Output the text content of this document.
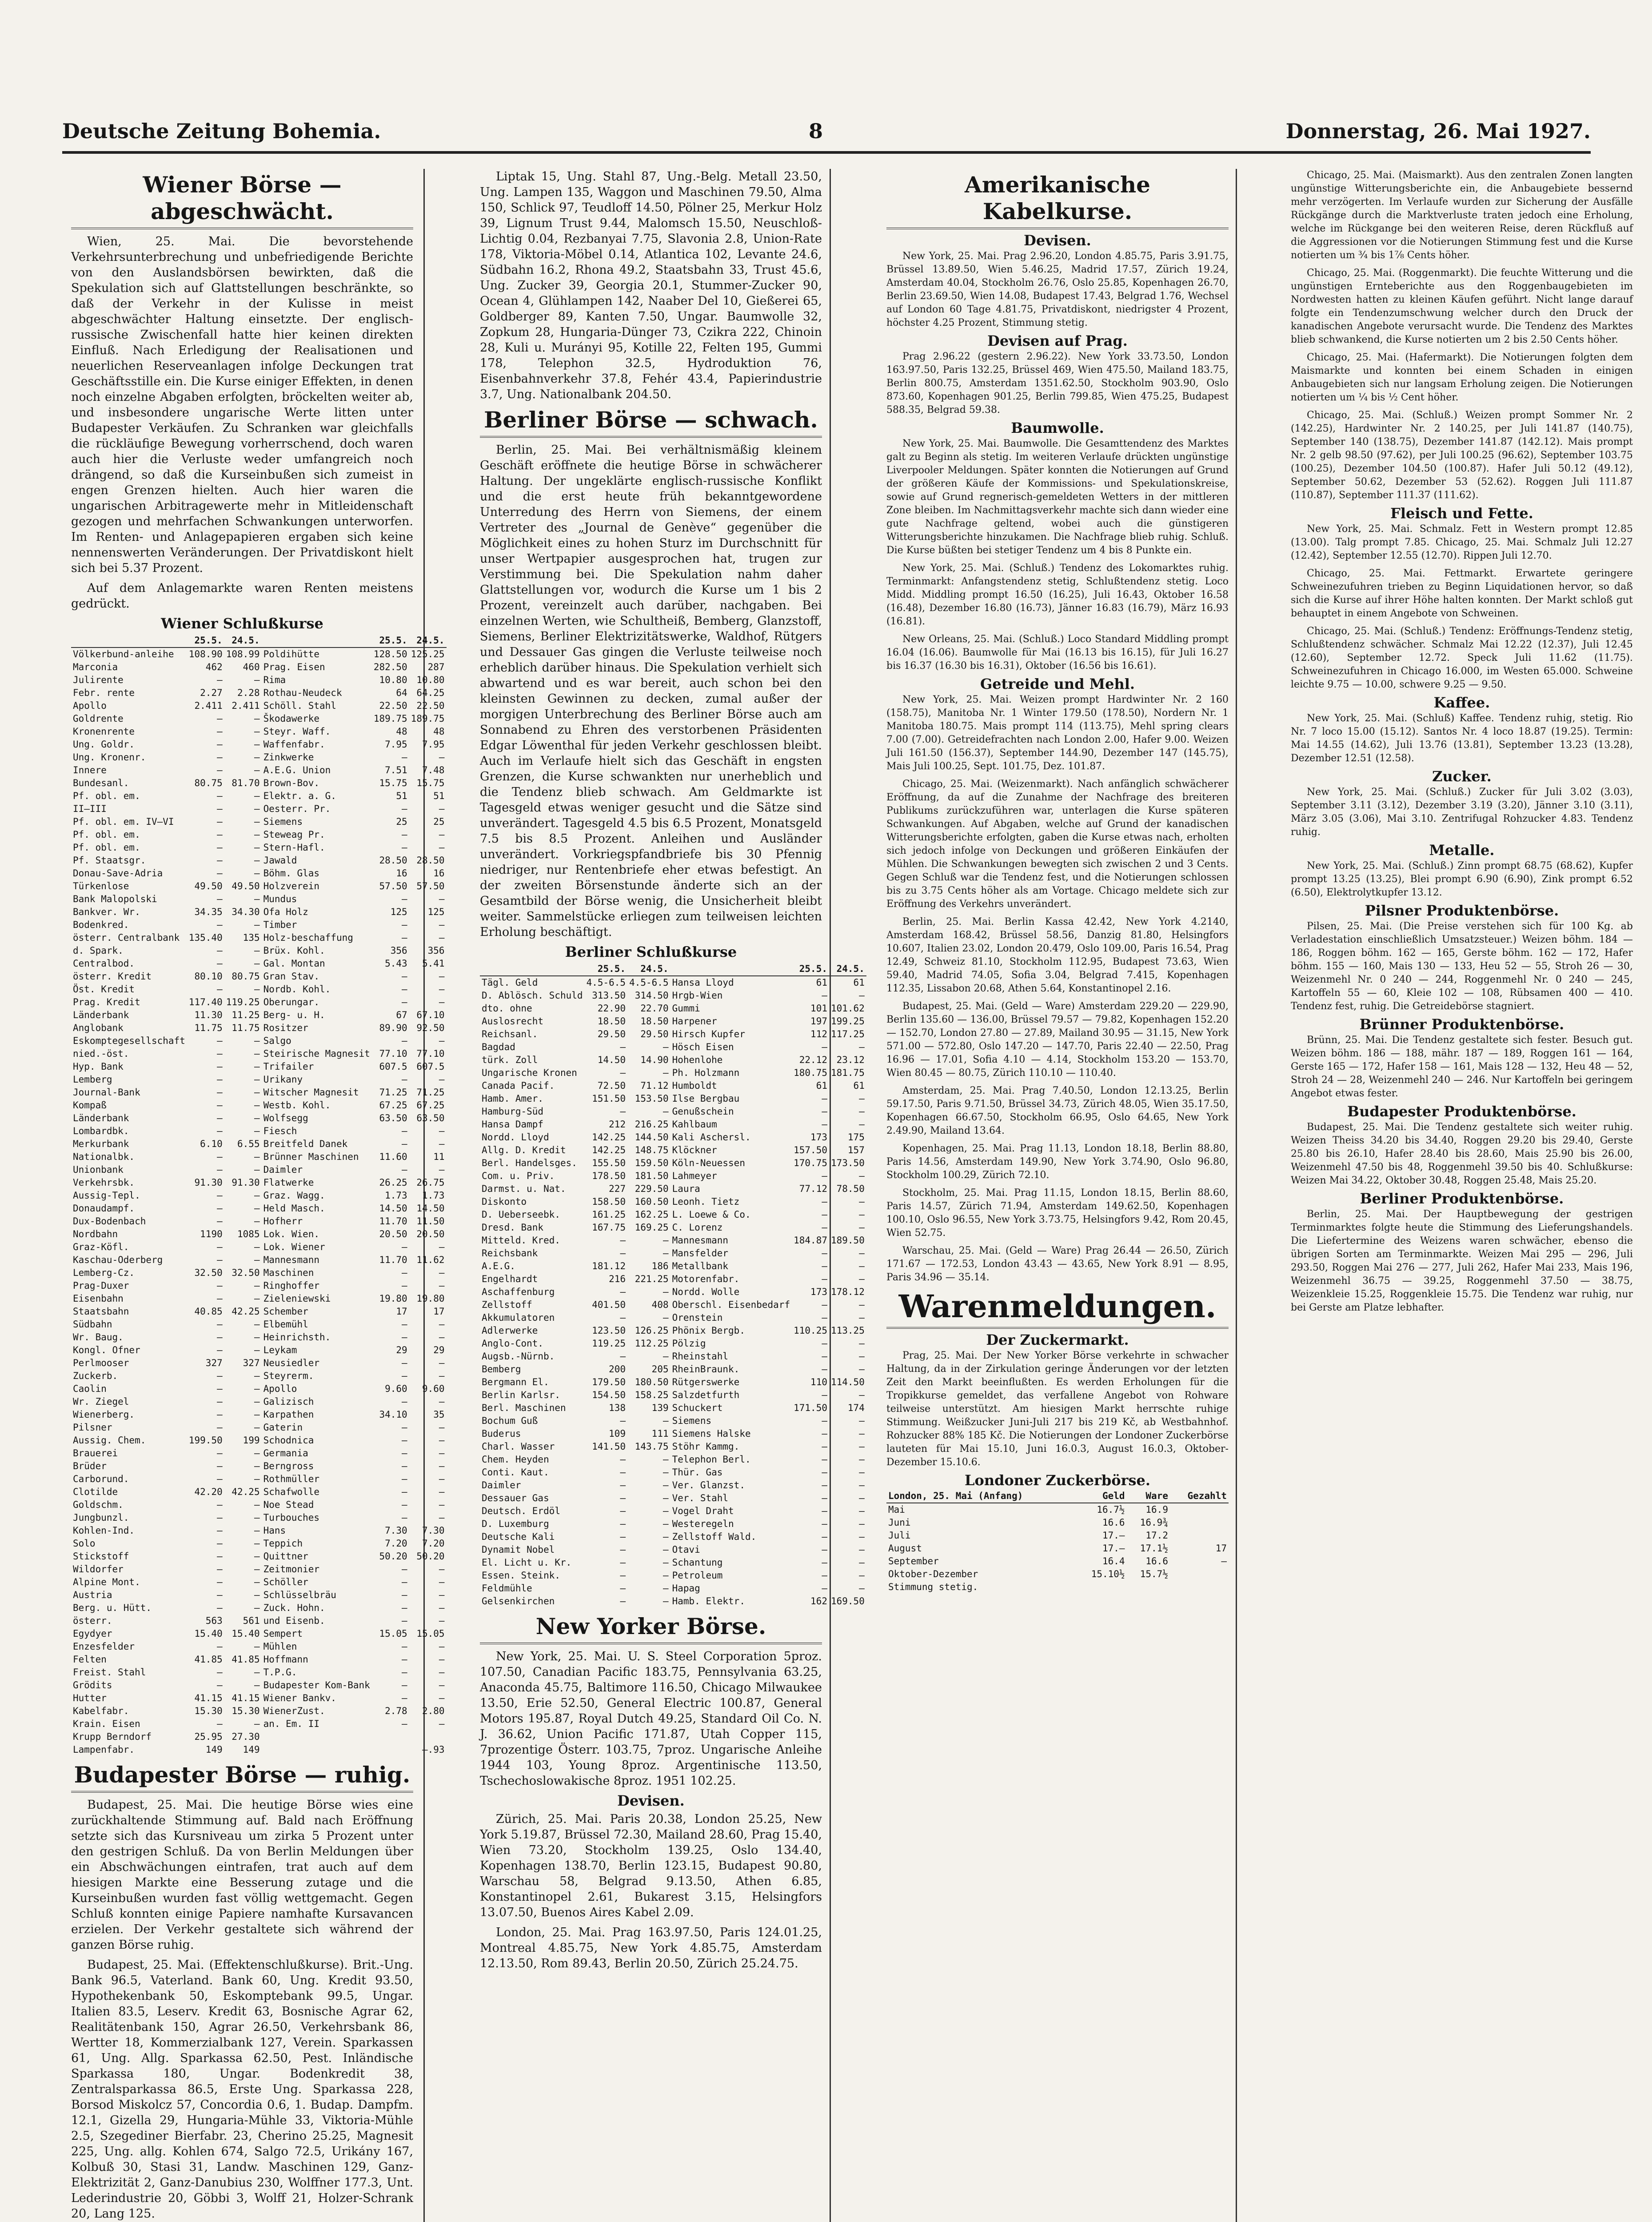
Deutsche Zeitung Bohemia.	8	Donnerstag, 26. Mai 1927.
Wiener Börse — abgeschwächt.

Wien, 25. Mai. Die bevorstehende Verkehrsunterbrechung und unbefriedigende Berichte von den Auslandsbörsen bewirkten, daß die Spekulation sich auf Glattstellungen beschränkte, so daß der Verkehr in der Kulisse in meist abgeschwächter Haltung einsetzte. Der englisch-russische Zwischenfall hatte hier keinen direkten Einfluß. Nach Erledigung der Realisationen und neuerlichen Reserveanlagen infolge Deckungen trat Geschäftsstille ein. Die Kurse einiger Effekten, in denen noch einzelne Abgaben erfolgten, bröckelten weiter ab, und insbesondere ungarische Werte litten unter Budapester Verkäufen. Zu Schranken war gleichfalls die rückläufige Bewegung vorherrschend, doch waren auch hier die Verluste weder umfangreich noch drängend, so daß die Kurseinbußen sich zumeist in engen Grenzen hielten. Auch hier waren die ungarischen Arbitragewerte mehr in Mitleidenschaft gezogen und mehrfachen Schwankungen unterworfen. Im Renten- und Anlagepapieren ergaben sich keine nennenswerten Veränderungen. Der Privatdiskont hielt sich bei 5.37 Prozent.

Auf dem Anlagemarkte waren Renten meistens gedrückt.

Wiener Schlußkurse
	25.5.	24.5.		25.5.	24.5.
Völkerbund-anleihe	108.90	108.99	Poldihütte	128.50	125.25
Marconia	462	460	Prag. Eisen	282.50	287
Julirente	—	—	Rima	10.80	10.80
Febr. rente	2.27	2.28	Rothau-Neudeck	64	64.25
Apollo	2.411	2.411	Schöll. Stahl	22.50	22.50
Goldrente	—	—	Škodawerke	189.75	189.75
Kronenrente	—	—	Steyr. Waff.	48	48
Ung. Goldr.	—	—	Waffenfabr.	7.95	7.95
Ung. Kronenr.	—	—	Zinkwerke	—	—
Innere	—	—	A.E.G. Union	7.51	7.48
Bundesanl.	80.75	81.70	Brown-Bov.	15.75	15.75
Pf. obl. em.	—	—	Elektr. a. G.	51	51
II—III	—	—	Oesterr. Pr.	—	—
Pf. obl. em. IV—VI	—	—	Siemens	25	25
Pf. obl. em.	—	—	Steweag Pr.	—	—
Pf. obl. em.	—	—	Stern-Hafl.	—	—
Pf. Staatsgr.	—	—	Jawald	28.50	28.50
Donau-Save-Adria	—	—	Böhm. Glas	16	16
Türkenlose	49.50	49.50	Holzverein	57.50	57.50
Bank Malopolski	—	—	Mundus	—	—
Bankver. Wr.	34.35	34.30	Ofa Holz	125	125
Bodenkred.	—	—	Timber	—	—
österr. Centralbank	135.40	135	Holz-beschaffung	—	—
d. Spark.	—	—	Brüx. Kohl.	356	356
Centralbod.	—	—	Gal. Montan	5.43	5.41
österr. Kredit	80.10	80.75	Gran Stav.	—	—
Öst. Kredit	—	—	Nordb. Kohl.	—	—
Prag. Kredit	117.40	119.25	Oberungar.	—	—
Länderbank	11.30	11.25	Berg- u. H.	67	67.10
Anglobank	11.75	11.75	Rositzer	89.90	92.50
Eskomptegesellschaft	—	—	Salgo	—	—
nied.-öst.	—	—	Steirische Magnesit	77.10	77.10
Hyp. Bank	—	—	Trifailer	607.5	607.5
Lemberg	—	—	Urikany	—	—
Journal-Bank	—	—	Witscher Magnesit	71.25	71.25
Kompaß	—	—	Westb. Kohl.	67.25	67.25
Länderbank	—	—	Wolfsegg	63.50	63.50
Lombardbk.	—	—	Fiesch	—	—
Merkurbank	6.10	6.55	Breitfeld Danek	—	—
Nationalbk.	—	—	Brünner Maschinen	11.60	11
Unionbank	—	—	Daimler	—	—
Verkehrsbk.	91.30	91.30	Flatwerke	26.25	26.75
Aussig-Tepl.	—	—	Graz. Wagg.	1.73	1.73
Donaudampf.	—	—	Held Masch.	14.50	14.50
Dux-Bodenbach	—	—	Hofherr	11.70	11.50
Nordbahn	1190	1085	Lok. Wien.	20.50	20.50
Graz-Köfl.	—	—	Lok. Wiener	—	—
Kaschau-Oderberg	—	—	Mannesmann	11.70	11.62
Lemberg-Cz.	32.50	32.50	Maschinen	—	—
Prag-Duxer	—	—	Ringhoffer	—	—
Eisenbahn	—	—	Zieleniewski	19.80	19.80
Staatsbahn	40.85	42.25	Schember	17	17
Südbahn	—	—	Elbemühl	—	—
Wr. Baug.	—	—	Heinrichsth.	—	—
Kongl. Ofner	—	—	Leykam	29	29
Perlmooser	327	327	Neusiedler	—	—
Zuckerb.	—	—	Steyrerm.	—	—
Caolin	—	—	Apollo	9.60	9.60
Wr. Ziegel	—	—	Galizisch	—	—
Wienerberg.	—	—	Karpathen	34.10	35
Pilsner	—	—	Gaterin	—	—
Aussig. Chem.	199.50	199	Schodnica	—	—
Brauerei	—	—	Germania	—	—
Brüder	—	—	Berngross	—	—
Carborund.	—	—	Rothmüller	—	—
Clotilde	42.20	42.25	Schafwolle	—	—
Goldschm.	—	—	Noe Stead	—	—
Jungbunzl.	—	—	Turbouches	—	—
Kohlen-Ind.	—	—	Hans	7.30	7.30
Solo	—	—	Teppich	7.20	7.20
Stickstoff	—	—	Quittner	50.20	50.20
Wildorfer	—	—	Zeitmonier	—	—
Alpine Mont.	—	—	Schöller	—	—
Austria	—	—	Schlüsselbräu	—	—
Berg. u. Hütt.	—	—	Zuck. Hohn.	—	—
österr.	563	561	und Eisenb.	—	—
Egydyer	15.40	15.40	Sempert	15.05	15.05
Enzesfelder	—	—	Mühlen	—	—
Felten	41.85	41.85	Hoffmann	—	—
Freist. Stahl	—	—	T.P.G.	—	—
Grödits	—	—	Budapester Kom-Bank	—	—
Hutter	41.15	41.15	Wiener Bankv.	—	—
Kabelfabr.	15.30	15.30	WienerZust.	2.78	2.80
Krain. Eisen	—	—	an. Em. II	—	—
Krupp Berndorf	25.95	27.30			
Lampenfabr.	149	149			—.93
Budapester Börse — ruhig.

Budapest, 25. Mai. Die heutige Börse wies eine zurückhaltende Stimmung auf. Bald nach Eröffnung setzte sich das Kursniveau um zirka 5 Prozent unter den gestrigen Schluß. Da von Berlin Meldungen über ein Abschwächungen eintrafen, trat auch auf dem hiesigen Markte eine Besserung zutage und die Kurseinbußen wurden fast völlig wettgemacht. Gegen Schluß konnten einige Papiere namhafte Kursavancen erzielen. Der Verkehr gestaltete sich während der ganzen Börse ruhig.

Budapest, 25. Mai. (Effektenschlußkurse). Brit.-Ung. Bank 96.5, Vaterland. Bank 60, Ung. Kredit 93.50, Hypothekenbank 50, Eskomptebank 99.5, Ungar. Italien 83.5, Leserv. Kredit 63, Bosnische Agrar 62, Realitätenbank 150, Agrar 26.50, Verkehrsbank 86, Wertter 18, Kommerzialbank 127, Verein. Sparkassen 61, Ung. Allg. Sparkassa 62.50, Pest. Inländische Sparkassa 180, Ungar. Bodenkredit 38, Zentralsparkassa 86.5, Erste Ung. Sparkassa 228, Borsod Miskolcz 57, Concordia 0.6, 1. Budap. Dampfm. 12.1, Gizella 29, Hungaria-Mühle 33, Viktoria-Mühle 2.5, Szegediner Bierfabr. 23, Cherino 25.25, Magnesit 225, Ung. allg. Kohlen 674, Salgo 72.5, Urikány 167, Kolbuß 30, Stasi 31, Landw. Maschinen 129, Ganz-Elektrizität 2, Ganz-Danubius 230, Wolffner 177.3, Unt. Lederindustrie 20, Göbbi 3, Wolff 21, Holzer-Schrank 20, Lang 125.

Liptak 15, Ung. Stahl 87, Ung.-Belg. Metall 23.50, Ung. Lampen 135, Waggon und Maschinen 79.50, Alma 150, Schlick 97, Teudloff 14.50, Pölner 25, Merkur Holz 39, Lignum Trust 9.44, Malomsch 15.50, Neuschloß-Lichtig 0.04, Rezbanyai 7.75, Slavonia 2.8, Union-Rate 178, Viktoria-Möbel 0.14, Atlantica 102, Levante 24.6, Südbahn 16.2, Rhona 49.2, Staatsbahn 33, Trust 45.6, Ung. Zucker 39, Georgia 20.1, Stummer-Zucker 90, Ocean 4, Glühlampen 142, Naaber Del 10, Gießerei 65, Goldberger 89, Kanten 7.50, Ungar. Baumwolle 32, Zopkum 28, Hungaria-Dünger 73, Czikra 222, Chinoin 28, Kuli u. Murányi 95, Kotille 22, Felten 195, Gummi 178, Telephon 32.5, Hydroduktion 76, Eisenbahnverkehr 37.8, Fehér 43.4, Papierindustrie 3.7, Ung. Nationalbank 204.50.

Berliner Börse — schwach.

Berlin, 25. Mai. Bei verhältnismäßig kleinem Geschäft eröffnete die heutige Börse in schwächerer Haltung. Der ungeklärte englisch-russische Konflikt und die erst heute früh bekanntgewordene Unterredung des Herrn von Siemens, der einem Vertreter des „Journal de Genève“ gegenüber die Möglichkeit eines zu hohen Sturz im Durchschnitt für unser Wertpapier ausgesprochen hat, trugen zur Verstimmung bei. Die Spekulation nahm daher Glattstellungen vor, wodurch die Kurse um 1 bis 2 Prozent, vereinzelt auch darüber, nachgaben. Bei einzelnen Werten, wie Schultheiß, Bemberg, Glanzstoff, Siemens, Berliner Elektrizitätswerke, Waldhof, Rütgers und Dessauer Gas gingen die Verluste teilweise noch erheblich darüber hinaus. Die Spekulation verhielt sich abwartend und es war bereit, auch schon bei den kleinsten Gewinnen zu decken, zumal außer der morgigen Unterbrechung des Berliner Börse auch am Sonnabend zu Ehren des verstorbenen Präsidenten Edgar Löwenthal für jeden Verkehr geschlossen bleibt. Auch im Verlaufe hielt sich das Geschäft in engsten Grenzen, die Kurse schwankten nur unerheblich und die Tendenz blieb schwach. Am Geldmarkte ist Tagesgeld etwas weniger gesucht und die Sätze sind unverändert. Tagesgeld 4.5 bis 6.5 Prozent, Monatsgeld 7.5 bis 8.5 Prozent. Anleihen und Ausländer unverändert. Vorkriegspfandbriefe bis 30 Pfennig niedriger, nur Rentenbriefe eher etwas befestigt. An der zweiten Börsenstunde änderte sich an der Gesamtbild der Börse wenig, die Unsicherheit bleibt weiter. Sammelstücke erliegen zum teilweisen leichten Erholung beschäftigt.

Berliner Schlußkurse
	25.5.	24.5.		25.5.	24.5.
Tägl. Geld	4.5-6.5	4.5-6.5	Hansa Lloyd	61	61
D. Ablösch. Schuld	313.50	314.50	Hrgb-Wien	—	—
dto. ohne	22.90	22.70	Gummi	101	101.62
Auslosrecht	18.50	18.50	Harpener	197	199.25
Reichsanl.	29.50	29.50	Hirsch Kupfer	112	117.25
Bagdad	—	—	Hösch Eisen	—	—
türk. Zoll	14.50	14.90	Hohenlohe	22.12	23.12
Ungarische Kronen	—	—	Ph. Holzmann	180.75	181.75
Canada Pacif.	72.50	71.12	Humboldt	61	61
Hamb. Amer.	151.50	153.50	Ilse Bergbau	—	—
Hamburg-Süd	—	—	Genußschein	—	—
Hansa Dampf	212	216.25	Kahlbaum	—	—
Nordd. Lloyd	142.25	144.50	Kali Aschersl.	173	175
Allg. D. Kredit	142.25	148.75	Klöckner	157.50	157
Berl. Handelsges.	155.50	159.50	Köln-Neuessen	170.75	173.50
Com. u. Priv.	178.50	181.50	Lahmeyer	—	—
Darmst. u. Nat.	227	229.50	Laura	77.12	78.50
Diskonto	158.50	160.50	Leonh. Tietz	—	—
D. Ueberseebk.	161.25	162.25	L. Loewe & Co.	—	—
Dresd. Bank	167.75	169.25	C. Lorenz	—	—
Mitteld. Kred.	—	—	Mannesmann	184.87	189.50
Reichsbank	—	—	Mansfelder	—	—
A.E.G.	181.12	186	Metallbank	—	—
Engelhardt	216	221.25	Motorenfabr.	—	—
Aschaffenburg	—	—	Nordd. Wolle	173	178.12
Zellstoff	401.50	408	Oberschl. Eisenbedarf	—	—
Akkumulatoren	—	—	Orenstein	—	—
Adlerwerke	123.50	126.25	Phönix Bergb.	110.25	113.25
Anglo-Cont.	119.25	112.25	Pölzig	—	—
Augsb.-Nürnb.	—	—	Rheinstahl	—	—
Bemberg	200	205	RheinBraunk.	—	—
Bergmann El.	179.50	180.50	Rütgerswerke	110	114.50
Berlin Karlsr.	154.50	158.25	Salzdetfurth	—	—
Berl. Maschinen	138	139	Schuckert	171.50	174
Bochum Guß	—	—	Siemens	—	—
Buderus	109	111	Siemens Halske	—	—
Charl. Wasser	141.50	143.75	Stöhr Kammg.	—	—
Chem. Heyden	—	—	Telephon Berl.	—	—
Conti. Kaut.	—	—	Thür. Gas	—	—
Daimler	—	—	Ver. Glanzst.	—	—
Dessauer Gas	—	—	Ver. Stahl	—	—
Deutsch. Erdöl	—	—	Vogel Draht	—	—
D. Luxemburg	—	—	Westeregeln	—	—
Deutsche Kali	—	—	Zellstoff Wald.	—	—
Dynamit Nobel	—	—	Otavi	—	—
El. Licht u. Kr.	—	—	Schantung	—	—
Essen. Steink.	—	—	Petroleum	—	—
Feldmühle	—	—	Hapag	—	—
Gelsenkirchen	—	—	Hamb. Elektr.	162	169.50
New Yorker Börse.

New York, 25. Mai. U. S. Steel Corporation 5proz. 107.50, Canadian Pacific 183.75, Pennsylvania 63.25, Anaconda 45.75, Baltimore 116.50, Chicago Milwaukee 13.50, Erie 52.50, General Electric 100.87, General Motors 195.87, Royal Dutch 49.25, Standard Oil Co. N. J. 36.62, Union Pacific 171.87, Utah Copper 115, 7prozentige Österr. 103.75, 7proz. Ungarische Anleihe 1944 103, Young 8proz. Argentinische 113.50, Tschechoslowakische 8proz. 1951 102.25.

Devisen.

Zürich, 25. Mai. Paris 20.38, London 25.25, New York 5.19.87, Brüssel 72.30, Mailand 28.60, Prag 15.40, Wien 73.20, Stockholm 139.25, Oslo 134.40, Kopenhagen 138.70, Berlin 123.15, Budapest 90.80, Warschau 58, Belgrad 9.13.50, Athen 6.85, Konstantinopel 2.61, Bukarest 3.15, Helsingfors 13.07.50, Buenos Aires Kabel 2.09.

London, 25. Mai. Prag 163.97.50, Paris 124.01.25, Montreal 4.85.75, New York 4.85.75, Amsterdam 12.13.50, Rom 89.43, Berlin 20.50, Zürich 25.24.75.

Amerikanische Kabelkurse.
Devisen.

New York, 25. Mai. Prag 2.96.20, London 4.85.75, Paris 3.91.75, Brüssel 13.89.50, Wien 5.46.25, Madrid 17.57, Zürich 19.24, Amsterdam 40.04, Stockholm 26.76, Oslo 25.85, Kopenhagen 26.70, Berlin 23.69.50, Wien 14.08, Budapest 17.43, Belgrad 1.76, Wechsel auf London 60 Tage 4.81.75, Privatdiskont, niedrigster 4 Prozent, höchster 4.25 Prozent, Stimmung stetig.

Devisen auf Prag.

Prag 2.96.22 (gestern 2.96.22). New York 33.73.50, London 163.97.50, Paris 132.25, Brüssel 469, Wien 475.50, Mailand 183.75, Berlin 800.75, Amsterdam 1351.62.50, Stockholm 903.90, Oslo 873.60, Kopenhagen 901.25, Berlin 799.85, Wien 475.25, Budapest 588.35, Belgrad 59.38.

Baumwolle.

New York, 25. Mai. Baumwolle. Die Gesamttendenz des Marktes galt zu Beginn als stetig. Im weiteren Verlaufe drückten ungünstige Liverpooler Meldungen. Später konnten die Notierungen auf Grund der größeren Käufe der Kommissions- und Spekulationskreise, sowie auf Grund regnerisch-gemeldeten Wetters in der mittleren Zone bleiben. Im Nachmittagsverkehr machte sich dann wieder eine gute Nachfrage geltend, wobei auch die günstigeren Witterungsberichte hinzukamen. Die Nachfrage blieb ruhig. Schluß. Die Kurse büßten bei stetiger Tendenz um 4 bis 8 Punkte ein.

New York, 25. Mai. (Schluß.) Tendenz des Lokomarktes ruhig. Terminmarkt: Anfangstendenz stetig, Schlußtendenz stetig. Loco Midd. Middling prompt 16.50 (16.25), Juli 16.43, Oktober 16.58 (16.48), Dezember 16.80 (16.73), Jänner 16.83 (16.79), März 16.93 (16.81).

New Orleans, 25. Mai. (Schluß.) Loco Standard Middling prompt 16.04 (16.06). Baumwolle für Mai (16.13 bis 16.15), für Juli 16.27 bis 16.37 (16.30 bis 16.31), Oktober (16.56 bis 16.61).

Getreide und Mehl.

New York, 25. Mai. Weizen prompt Hardwinter Nr. 2 160 (158.75), Manitoba Nr. 1 Winter 179.50 (178.50), Nordern Nr. 1 Manitoba 180.75. Mais prompt 114 (113.75), Mehl spring clears 7.00 (7.00). Getreidefrachten nach London 2.00, Hafer 9.00. Weizen Juli 161.50 (156.37), September 144.90, Dezember 147 (145.75), Mais Juli 100.25, Sept. 101.75, Dez. 101.87.

Chicago, 25. Mai. (Weizenmarkt). Nach anfänglich schwächerer Eröffnung, da auf die Zunahme der Nachfrage des breiteren Publikums zurückzuführen war, unterlagen die Kurse späteren Schwankungen. Auf Abgaben, welche auf Grund der kanadischen Witterungsberichte erfolgten, gaben die Kurse etwas nach, erholten sich jedoch infolge von Deckungen und größeren Einkäufen der Mühlen. Die Schwankungen bewegten sich zwischen 2 und 3 Cents. Gegen Schluß war die Tendenz fest, und die Notierungen schlossen bis zu 3.75 Cents höher als am Vortage. Chicago meldete sich zur Eröffnung des Verkehrs unverändert.

Berlin, 25. Mai. Berlin Kassa 42.42, New York 4.2140, Amsterdam 168.42, Brüssel 58.56, Danzig 81.80, Helsingfors 10.607, Italien 23.02, London 20.479, Oslo 109.00, Paris 16.54, Prag 12.49, Schweiz 81.10, Stockholm 112.95, Budapest 73.63, Wien 59.40, Madrid 74.05, Sofia 3.04, Belgrad 7.415, Kopenhagen 112.35, Lissabon 20.68, Athen 5.64, Konstantinopel 2.16.

Budapest, 25. Mai. (Geld — Ware) Amsterdam 229.20 — 229.90, Berlin 135.60 — 136.00, Brüssel 79.57 — 79.82, Kopenhagen 152.20 — 152.70, London 27.80 — 27.89, Mailand 30.95 — 31.15, New York 571.00 — 572.80, Oslo 147.20 — 147.70, Paris 22.40 — 22.50, Prag 16.96 — 17.01, Sofia 4.10 — 4.14, Stockholm 153.20 — 153.70, Wien 80.45 — 80.75, Zürich 110.10 — 110.40.

Amsterdam, 25. Mai. Prag 7.40.50, London 12.13.25, Berlin 59.17.50, Paris 9.71.50, Brüssel 34.73, Zürich 48.05, Wien 35.17.50, Kopenhagen 66.67.50, Stockholm 66.95, Oslo 64.65, New York 2.49.90, Mailand 13.64.

Kopenhagen, 25. Mai. Prag 11.13, London 18.18, Berlin 88.80, Paris 14.56, Amsterdam 149.90, New York 3.74.90, Oslo 96.80, Stockholm 100.29, Zürich 72.10.

Stockholm, 25. Mai. Prag 11.15, London 18.15, Berlin 88.60, Paris 14.57, Zürich 71.94, Amsterdam 149.62.50, Kopenhagen 100.10, Oslo 96.55, New York 3.73.75, Helsingfors 9.42, Rom 20.45, Wien 52.75.

Warschau, 25. Mai. (Geld — Ware) Prag 26.44 — 26.50, Zürich 171.67 — 172.53, London 43.43 — 43.65, New York 8.91 — 8.95, Paris 34.96 — 35.14.

Warenmeldungen.
Der Zuckermarkt.

Prag, 25. Mai. Der New Yorker Börse verkehrte in schwacher Haltung, da in der Zirkulation geringe Änderungen vor der letzten Zeit den Markt beeinflußten. Es werden Erholungen für die Tropikkurse gemeldet, das verfallene Angebot von Rohware teilweise unterstützt. Am hiesigen Markt herrschte ruhige Stimmung. Weißzucker Juni-Juli 217 bis 219 Kč, ab Westbahnhof. Rohzucker 88% 185 Kč. Die Notierungen der Londoner Zuckerbörse lauteten für Mai 15.10, Juni 16.0.3, August 16.0.3, Oktober-Dezember 15.10.6.

Londoner Zuckerbörse.
London, 25. Mai (Anfang)	Geld	Ware	Gezahlt
Mai	16.7½	16.9	
Juni	16.6	16.9¾	
Juli	17.—	17.2	
August	17.—	17.1½	17
September	16.4	16.6	—
Oktober-Dezember	15.10½	15.7½	
Stimmung stetig.			

Chicago, 25. Mai. (Maismarkt). Aus den zentralen Zonen langten ungünstige Witterungsberichte ein, die Anbaugebiete bessernd mehr verzögerten. Im Verlaufe wurden zur Sicherung der Ausfälle Rückgänge durch die Marktverluste traten jedoch eine Erholung, welche im Rückgange bei den weiteren Reise, deren Rückfluß auf die Aggressionen vor die Notierungen Stimmung fest und die Kurse notierten um ¾ bis 1⅞ Cents höher.

Chicago, 25. Mai. (Roggenmarkt). Die feuchte Witterung und die ungünstigen Ernteberichte aus den Roggenbaugebieten im Nordwesten hatten zu kleinen Käufen geführt. Nicht lange darauf folgte ein Tendenzumschwung welcher durch den Druck der kanadischen Angebote verursacht wurde. Die Tendenz des Marktes blieb schwankend, die Kurse notierten um 2 bis 2.50 Cents höher.

Chicago, 25. Mai. (Hafermarkt). Die Notierungen folgten dem Maismarkte und konnten bei einem Schaden in einigen Anbaugebieten sich nur langsam Erholung zeigen. Die Notierungen notierten um ¼ bis ½ Cent höher.

Chicago, 25. Mai. (Schluß.) Weizen prompt Sommer Nr. 2 (142.25), Hardwinter Nr. 2 140.25, per Juli 141.87 (140.75), September 140 (138.75), Dezember 141.87 (142.12). Mais prompt Nr. 2 gelb 98.50 (97.62), per Juli 100.25 (96.62), September 103.75 (100.25), Dezember 104.50 (100.87). Hafer Juli 50.12 (49.12), September 50.62, Dezember 53 (52.62). Roggen Juli 111.87 (110.87), September 111.37 (111.62).

Fleisch und Fette.

New York, 25. Mai. Schmalz. Fett in Western prompt 12.85 (13.00). Talg prompt 7.85. Chicago, 25. Mai. Schmalz Juli 12.27 (12.42), September 12.55 (12.70). Rippen Juli 12.70.

Chicago, 25. Mai. Fettmarkt. Erwartete geringere Schweinezufuhren trieben zu Beginn Liquidationen hervor, so daß sich die Kurse auf ihrer Höhe halten konnten. Der Markt schloß gut behauptet in einem Angebote von Schweinen.

Chicago, 25. Mai. (Schluß.) Tendenz: Eröffnungs-Tendenz stetig, Schlußtendenz schwächer. Schmalz Mai 12.22 (12.37), Juli 12.45 (12.60), September 12.72. Speck Juli 11.62 (11.75). Schweinezufuhren in Chicago 16.000, im Westen 65.000. Schweine leichte 9.75 — 10.00, schwere 9.25 — 9.50.

Kaffee.

New York, 25. Mai. (Schluß) Kaffee. Tendenz ruhig, stetig. Rio Nr. 7 loco 15.00 (15.12). Santos Nr. 4 loco 18.87 (19.25). Termin: Mai 14.55 (14.62), Juli 13.76 (13.81), September 13.23 (13.28), Dezember 12.51 (12.58).

Zucker.

New York, 25. Mai. (Schluß.) Zucker für Juli 3.02 (3.03), September 3.11 (3.12), Dezember 3.19 (3.20), Jänner 3.10 (3.11), März 3.05 (3.06), Mai 3.10. Zentrifugal Rohzucker 4.83. Tendenz ruhig.

Metalle.

New York, 25. Mai. (Schluß.) Zinn prompt 68.75 (68.62), Kupfer prompt 13.25 (13.25), Blei prompt 6.90 (6.90), Zink prompt 6.52 (6.50), Elektrolytkupfer 13.12.

Pilsner Produktenbörse.

Pilsen, 25. Mai. (Die Preise verstehen sich für 100 Kg. ab Verladestation einschließlich Umsatzsteuer.) Weizen böhm. 184 — 186, Roggen böhm. 162 — 165, Gerste böhm. 162 — 172, Hafer böhm. 155 — 160, Mais 130 — 133, Heu 52 — 55, Stroh 26 — 30, Weizenmehl Nr. 0 240 — 244, Roggenmehl Nr. 0 240 — 245, Kartoffeln 55 — 60, Kleie 102 — 108, Rübsamen 400 — 410. Tendenz fest, ruhig. Die Getreidebörse stagniert.

Brünner Produktenbörse.

Brünn, 25. Mai. Die Tendenz gestaltete sich fester. Besuch gut. Weizen böhm. 186 — 188, mähr. 187 — 189, Roggen 161 — 164, Gerste 165 — 172, Hafer 158 — 161, Mais 128 — 132, Heu 48 — 52, Stroh 24 — 28, Weizenmehl 240 — 246. Nur Kartoffeln bei geringem Angebot etwas fester.

Budapester Produktenbörse.

Budapest, 25. Mai. Die Tendenz gestaltete sich weiter ruhig. Weizen Theiss 34.20 bis 34.40, Roggen 29.20 bis 29.40, Gerste 25.80 bis 26.10, Hafer 28.40 bis 28.60, Mais 25.90 bis 26.00, Weizenmehl 47.50 bis 48, Roggenmehl 39.50 bis 40. Schlußkurse: Weizen Mai 34.22, Oktober 30.48, Roggen 25.48, Mais 25.20.

Berliner Produktenbörse.

Berlin, 25. Mai. Der Hauptbewegung der gestrigen Terminmarktes folgte heute die Stimmung des Lieferungshandels. Die Liefertermine des Weizens waren schwächer, ebenso die übrigen Sorten am Terminmarkte. Weizen Mai 295 — 296, Juli 293.50, Roggen Mai 276 — 277, Juli 262, Hafer Mai 233, Mais 196, Weizenmehl 36.75 — 39.25, Roggenmehl 37.50 — 38.75, Weizenkleie 15.25, Roggenkleie 15.75. Die Tendenz war ruhig, nur bei Gerste am Platze lebhafter.
